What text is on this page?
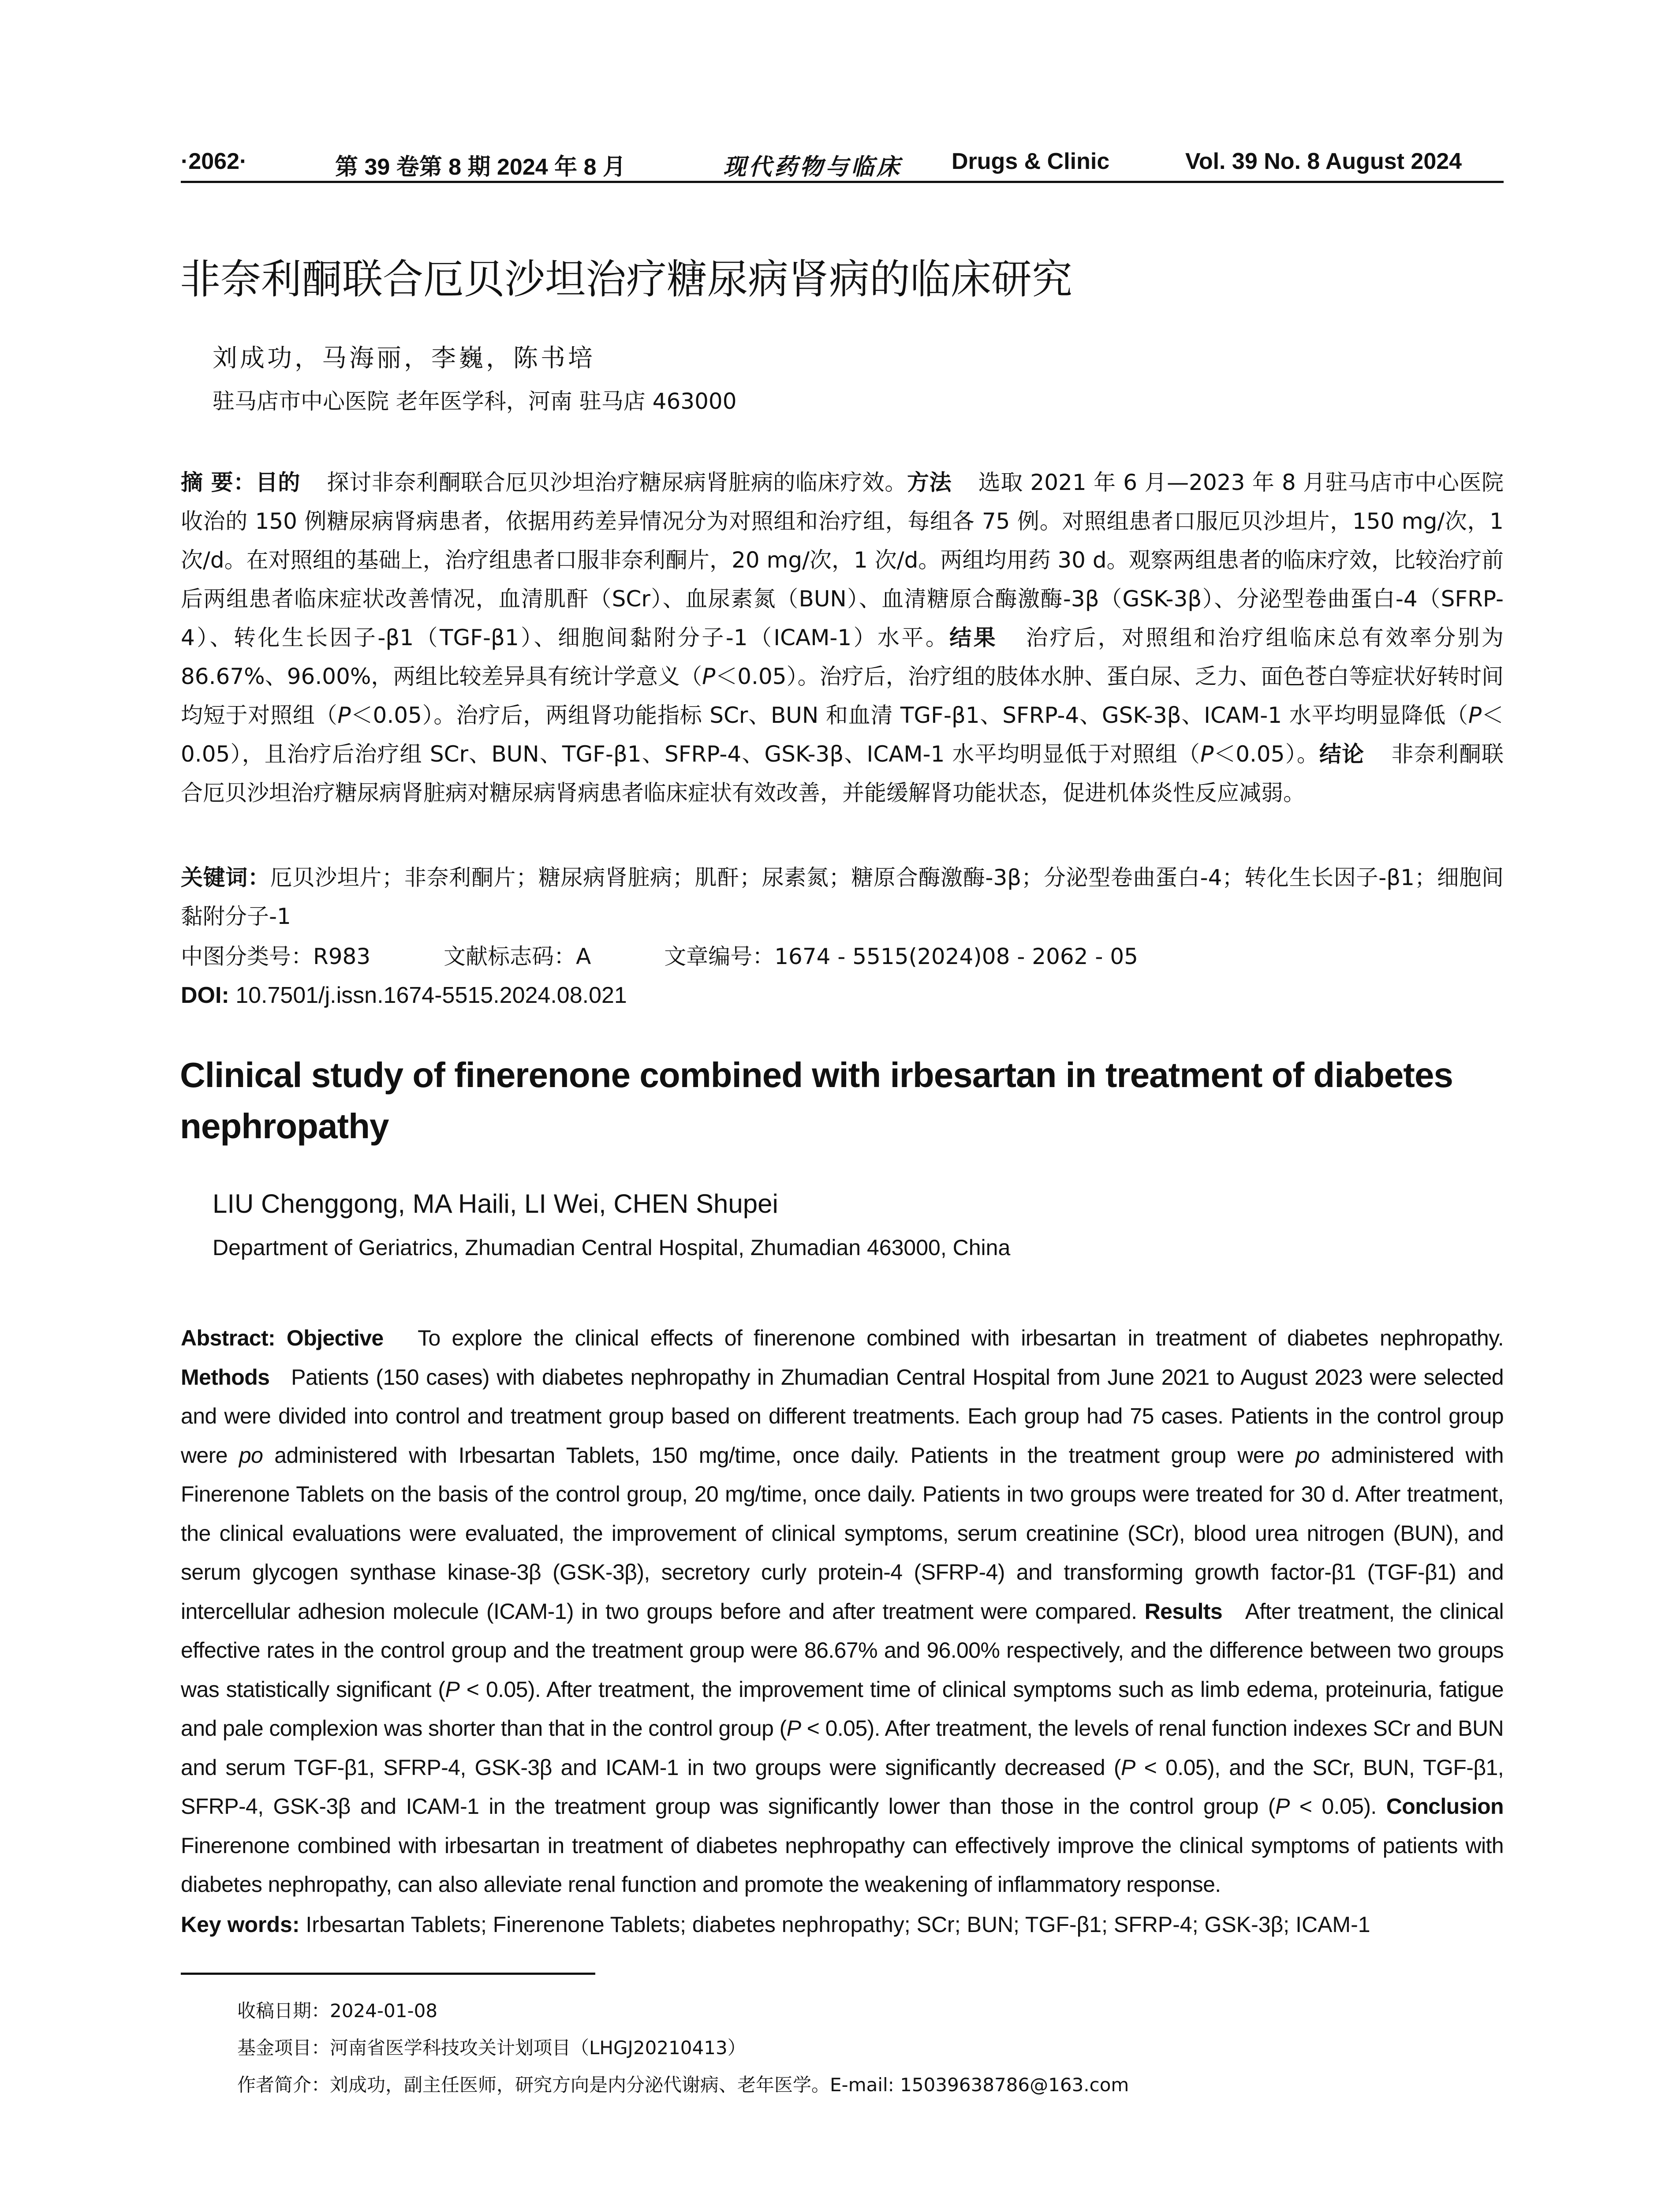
·2062·	第 39 卷第 8 期 2024 年 8 月	现代药物与临床 Drugs & Clinic	Vol. 39 No. 8 August 2024
非奈利酮联合厄贝沙坦治疗糖尿病肾病的临床研究
刘成功，马海丽，李巍，陈书培
驻马店市中心医院 老年医学科，河南 驻马店 463000
摘 要：目的 探讨非奈利酮联合厄贝沙坦治疗糖尿病肾脏病的临床疗效。方法 选取 2021 年 6 月—2023 年 8 月驻马店市中心医院收治的 150 例糖尿病肾病患者，依据用药差异情况分为对照组和治疗组，每组各 75 例。对照组患者口服厄贝沙坦片，150 mg/次，1 次/d。在对照组的基础上，治疗组患者口服非奈利酮片，20 mg/次，1 次/d。两组均用药 30 d。观察两组患者的临床疗效，比较治疗前后两组患者临床症状改善情况，血清肌酐（SCr）、血尿素氮（BUN）、血清糖原合酶激酶-3β（GSK-3β）、分泌型卷曲蛋白-4（SFRP-4）、转化生长因子-β1（TGF-β1）、细胞间黏附分子-1（ICAM-1）水平。结果 治疗后，对照组和治疗组临床总有效率分别为 86.67%、96.00%，两组比较差异具有统计学意义（P＜0.05）。治疗后，治疗组的肢体水肿、蛋白尿、乏力、面色苍白等症状好转时间均短于对照组（P＜0.05）。治疗后，两组肾功能指标 SCr、BUN 和血清 TGF-β1、SFRP-4、GSK-3β、ICAM-1 水平均明显降低（P＜0.05），且治疗后治疗组 SCr、BUN、TGF-β1、SFRP-4、GSK-3β、ICAM-1 水平均明显低于对照组（P＜0.05）。结论 非奈利酮联合厄贝沙坦治疗糖尿病肾脏病对糖尿病肾病患者临床症状有效改善，并能缓解肾功能状态，促进机体炎性反应减弱。
关键词：厄贝沙坦片；非奈利酮片；糖尿病肾脏病；肌酐；尿素氮；糖原合酶激酶-3β；分泌型卷曲蛋白-4；转化生长因子-β1；细胞间黏附分子-1
中图分类号：R983	文献标志码：A	文章编号：1674 - 5515(2024)08 - 2062 - 05
DOI: 10.7501/j.issn.1674-5515.2024.08.021
Clinical study of finerenone combined with irbesartan in treatment of diabetes nephropathy
LIU Chenggong, MA Haili, LI Wei, CHEN Shupei
Department of Geriatrics, Zhumadian Central Hospital, Zhumadian 463000, China
Abstract: Objective To explore the clinical effects of finerenone combined with irbesartan in treatment of diabetes nephropathy. Methods Patients (150 cases) with diabetes nephropathy in Zhumadian Central Hospital from June 2021 to August 2023 were selected and were divided into control and treatment group based on different treatments. Each group had 75 cases. Patients in the control group were po administered with Irbesartan Tablets, 150 mg/time, once daily. Patients in the treatment group were po administered with Finerenone Tablets on the basis of the control group, 20 mg/time, once daily. Patients in two groups were treated for 30 d. After treatment, the clinical evaluations were evaluated, the improvement of clinical symptoms, serum creatinine (SCr), blood urea nitrogen (BUN), and serum glycogen synthase kinase-3β (GSK-3β), secretory curly protein-4 (SFRP-4) and transforming growth factor-β1 (TGF-β1) and intercellular adhesion molecule (ICAM-1) in two groups before and after treatment were compared. Results After treatment, the clinical effective rates in the control group and the treatment group were 86.67% and 96.00% respectively, and the difference between two groups was statistically significant (P < 0.05). After treatment, the improvement time of clinical symptoms such as limb edema, proteinuria, fatigue and pale complexion was shorter than that in the control group (P < 0.05). After treatment, the levels of renal function indexes SCr and BUN and serum TGF-β1, SFRP-4, GSK-3β and ICAM-1 in two groups were significantly decreased (P < 0.05), and the SCr, BUN, TGF-β1, SFRP-4, GSK-3β and ICAM-1 in the treatment group was significantly lower than those in the control group (P < 0.05). Conclusion Finerenone combined with irbesartan in treatment of diabetes nephropathy can effectively improve the clinical symptoms of patients with diabetes nephropathy, can also alleviate renal function and promote the weakening of inflammatory response.
Key words: Irbesartan Tablets; Finerenone Tablets; diabetes nephropathy; SCr; BUN; TGF-β1; SFRP-4; GSK-3β; ICAM-1
收稿日期：2024-01-08
基金项目：河南省医学科技攻关计划项目（LHGJ20210413）
作者简介：刘成功，副主任医师，研究方向是内分泌代谢病、老年医学。E-mail: 15039638786@163.com
